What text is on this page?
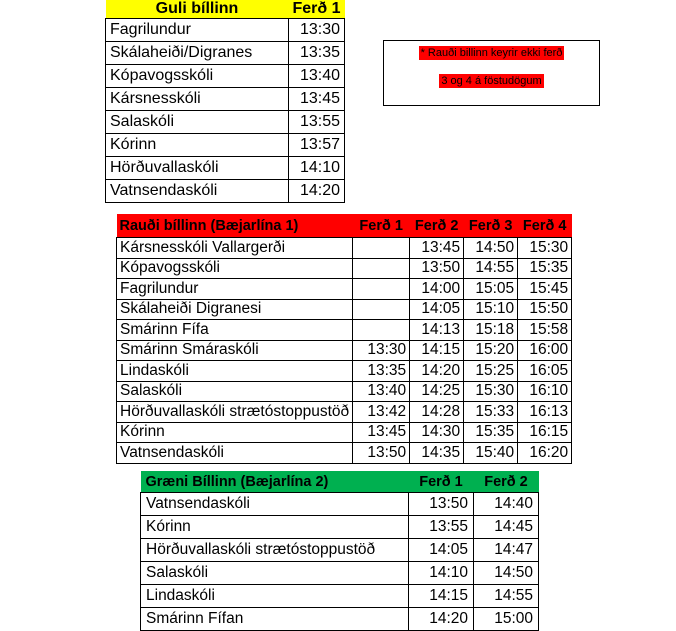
Guli bíllinn	Ferð 1
Fagrilundur	13:30
Skálaheiði/Digranes	13:35
Kópavogsskóli	13:40
Kársnesskóli	13:45
Salaskóli	13:55
Kórinn	13:57
Hörðuvallaskóli	14:10
Vatnsendaskóli	14:20
* Rauði billinn keyrir ekki ferð
3 og 4 á föstudögum
Rauði bíllinn (Bæjarlína 1)	Ferð 1	Ferð 2	Ferð 3	Ferð 4
Kársnesskóli Vallargerði		13:45	14:50	15:30
Kópavogsskóli		13:50	14:55	15:35
Fagrilundur		14:00	15:05	15:45
Skálaheiði Digranesi		14:05	15:10	15:50
Smárinn Fífa		14:13	15:18	15:58
Smárinn Smáraskóli	13:30	14:15	15:20	16:00
Lindaskóli	13:35	14:20	15:25	16:05
Salaskóli	13:40	14:25	15:30	16:10
Hörðuvallaskóli strætóstoppustöð	13:42	14:28	15:33	16:13
Kórinn	13:45	14:30	15:35	16:15
Vatnsendaskóli	13:50	14:35	15:40	16:20
Græni Bíllinn (Bæjarlína 2)	Ferð 1	Ferð 2
Vatnsendaskóli	13:50	14:40
Kórinn	13:55	14:45
Hörðuvallaskóli strætóstoppustöð	14:05	14:47
Salaskóli	14:10	14:50
Lindaskóli	14:15	14:55
Smárinn Fífan	14:20	15:00
